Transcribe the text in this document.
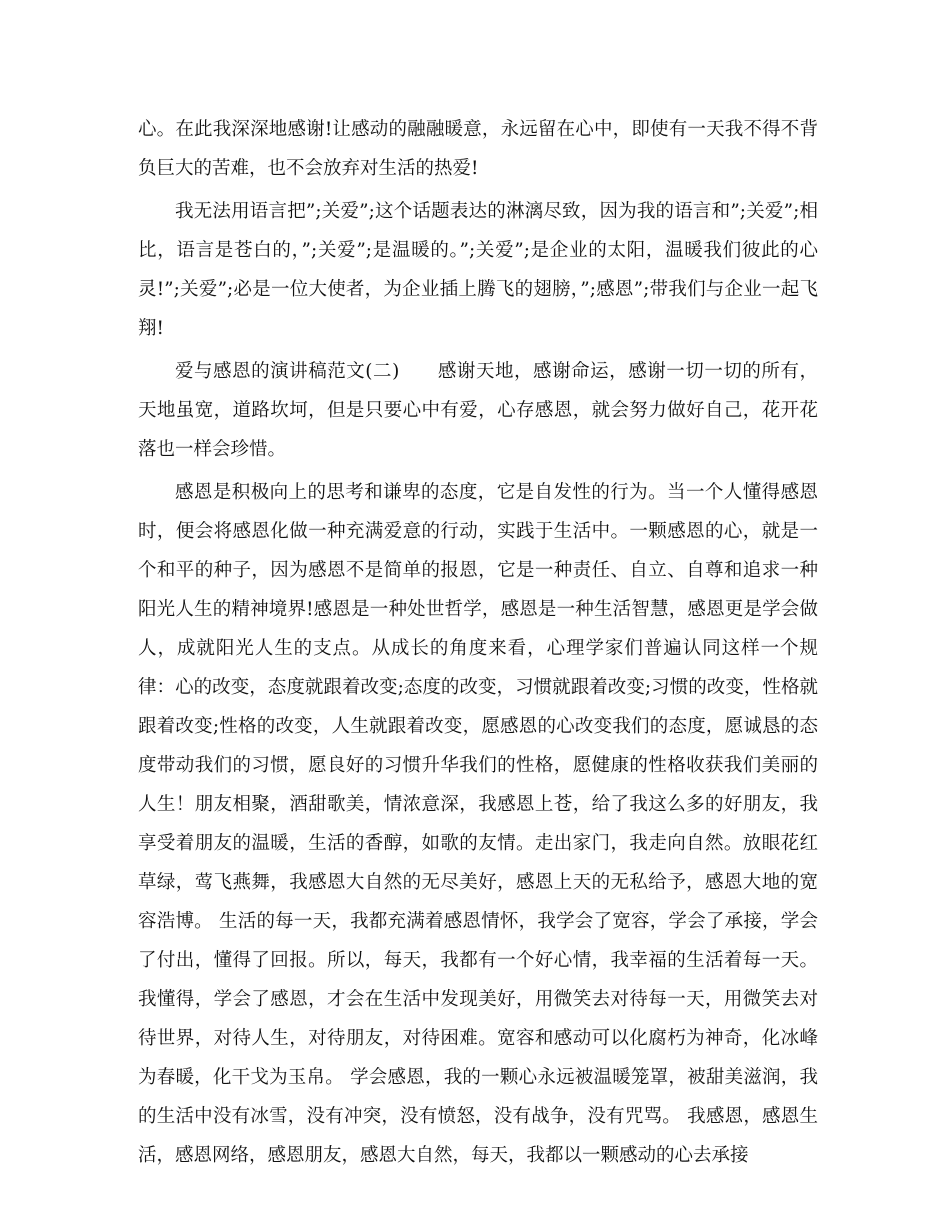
心。在此我深深地感谢!让感动的融融暖意，永远留在心中，即使有一天我不得不背负巨大的苦难，也不会放弃对生活的热爱!

我无法用语言把”;关爱”;这个话题表达的淋漓尽致，因为我的语言和”;关爱”;相比，语言是苍白的，”;关爱”;是温暖的。”;关爱”;是企业的太阳，温暖我们彼此的心灵!”;关爱”;必是一位大使者，为企业插上腾飞的翅膀，”;感恩”;带我们与企业一起飞翔!

爱与感恩的演讲稿范文(二)　　感谢天地，感谢命运，感谢一切一切的所有，天地虽宽，道路坎坷，但是只要心中有爱，心存感恩，就会努力做好自己，花开花落也一样会珍惜。

感恩是积极向上的思考和谦卑的态度，它是自发性的行为。当一个人懂得感恩时，便会将感恩化做一种充满爱意的行动，实践于生活中。一颗感恩的心，就是一个和平的种子，因为感恩不是简单的报恩，它是一种责任、自立、自尊和追求一种阳光人生的精神境界!感恩是一种处世哲学，感恩是一种生活智慧，感恩更是学会做人，成就阳光人生的支点。从成长的角度来看，心理学家们普遍认同这样一个规律：心的改变，态度就跟着改变;态度的改变，习惯就跟着改变;习惯的改变，性格就跟着改变;性格的改变，人生就跟着改变，愿感恩的心改变我们的态度，愿诚恳的态度带动我们的习惯，愿良好的习惯升华我们的性格，愿健康的性格收获我们美丽的人生！朋友相聚，酒甜歌美，情浓意深，我感恩上苍，给了我这么多的好朋友，我享受着朋友的温暖，生活的香醇，如歌的友情。走出家门，我走向自然。放眼花红草绿，莺飞燕舞，我感恩大自然的无尽美好，感恩上天的无私给予，感恩大地的宽容浩博。 生活的每一天，我都充满着感恩情怀，我学会了宽容，学会了承接，学会了付出，懂得了回报。所以，每天，我都有一个好心情，我幸福的生活着每一天。我懂得，学会了感恩，才会在生活中发现美好，用微笑去对待每一天，用微笑去对待世界，对待人生，对待朋友，对待困难。宽容和感动可以化腐朽为神奇，化冰峰为春暖，化干戈为玉帛。 学会感恩，我的一颗心永远被温暖笼罩，被甜美滋润，我的生活中没有冰雪，没有冲突，没有愤怒，没有战争，没有咒骂。 我感恩，感恩生活，感恩网络，感恩朋友，感恩大自然，每天，我都以一颗感动的心去承接
